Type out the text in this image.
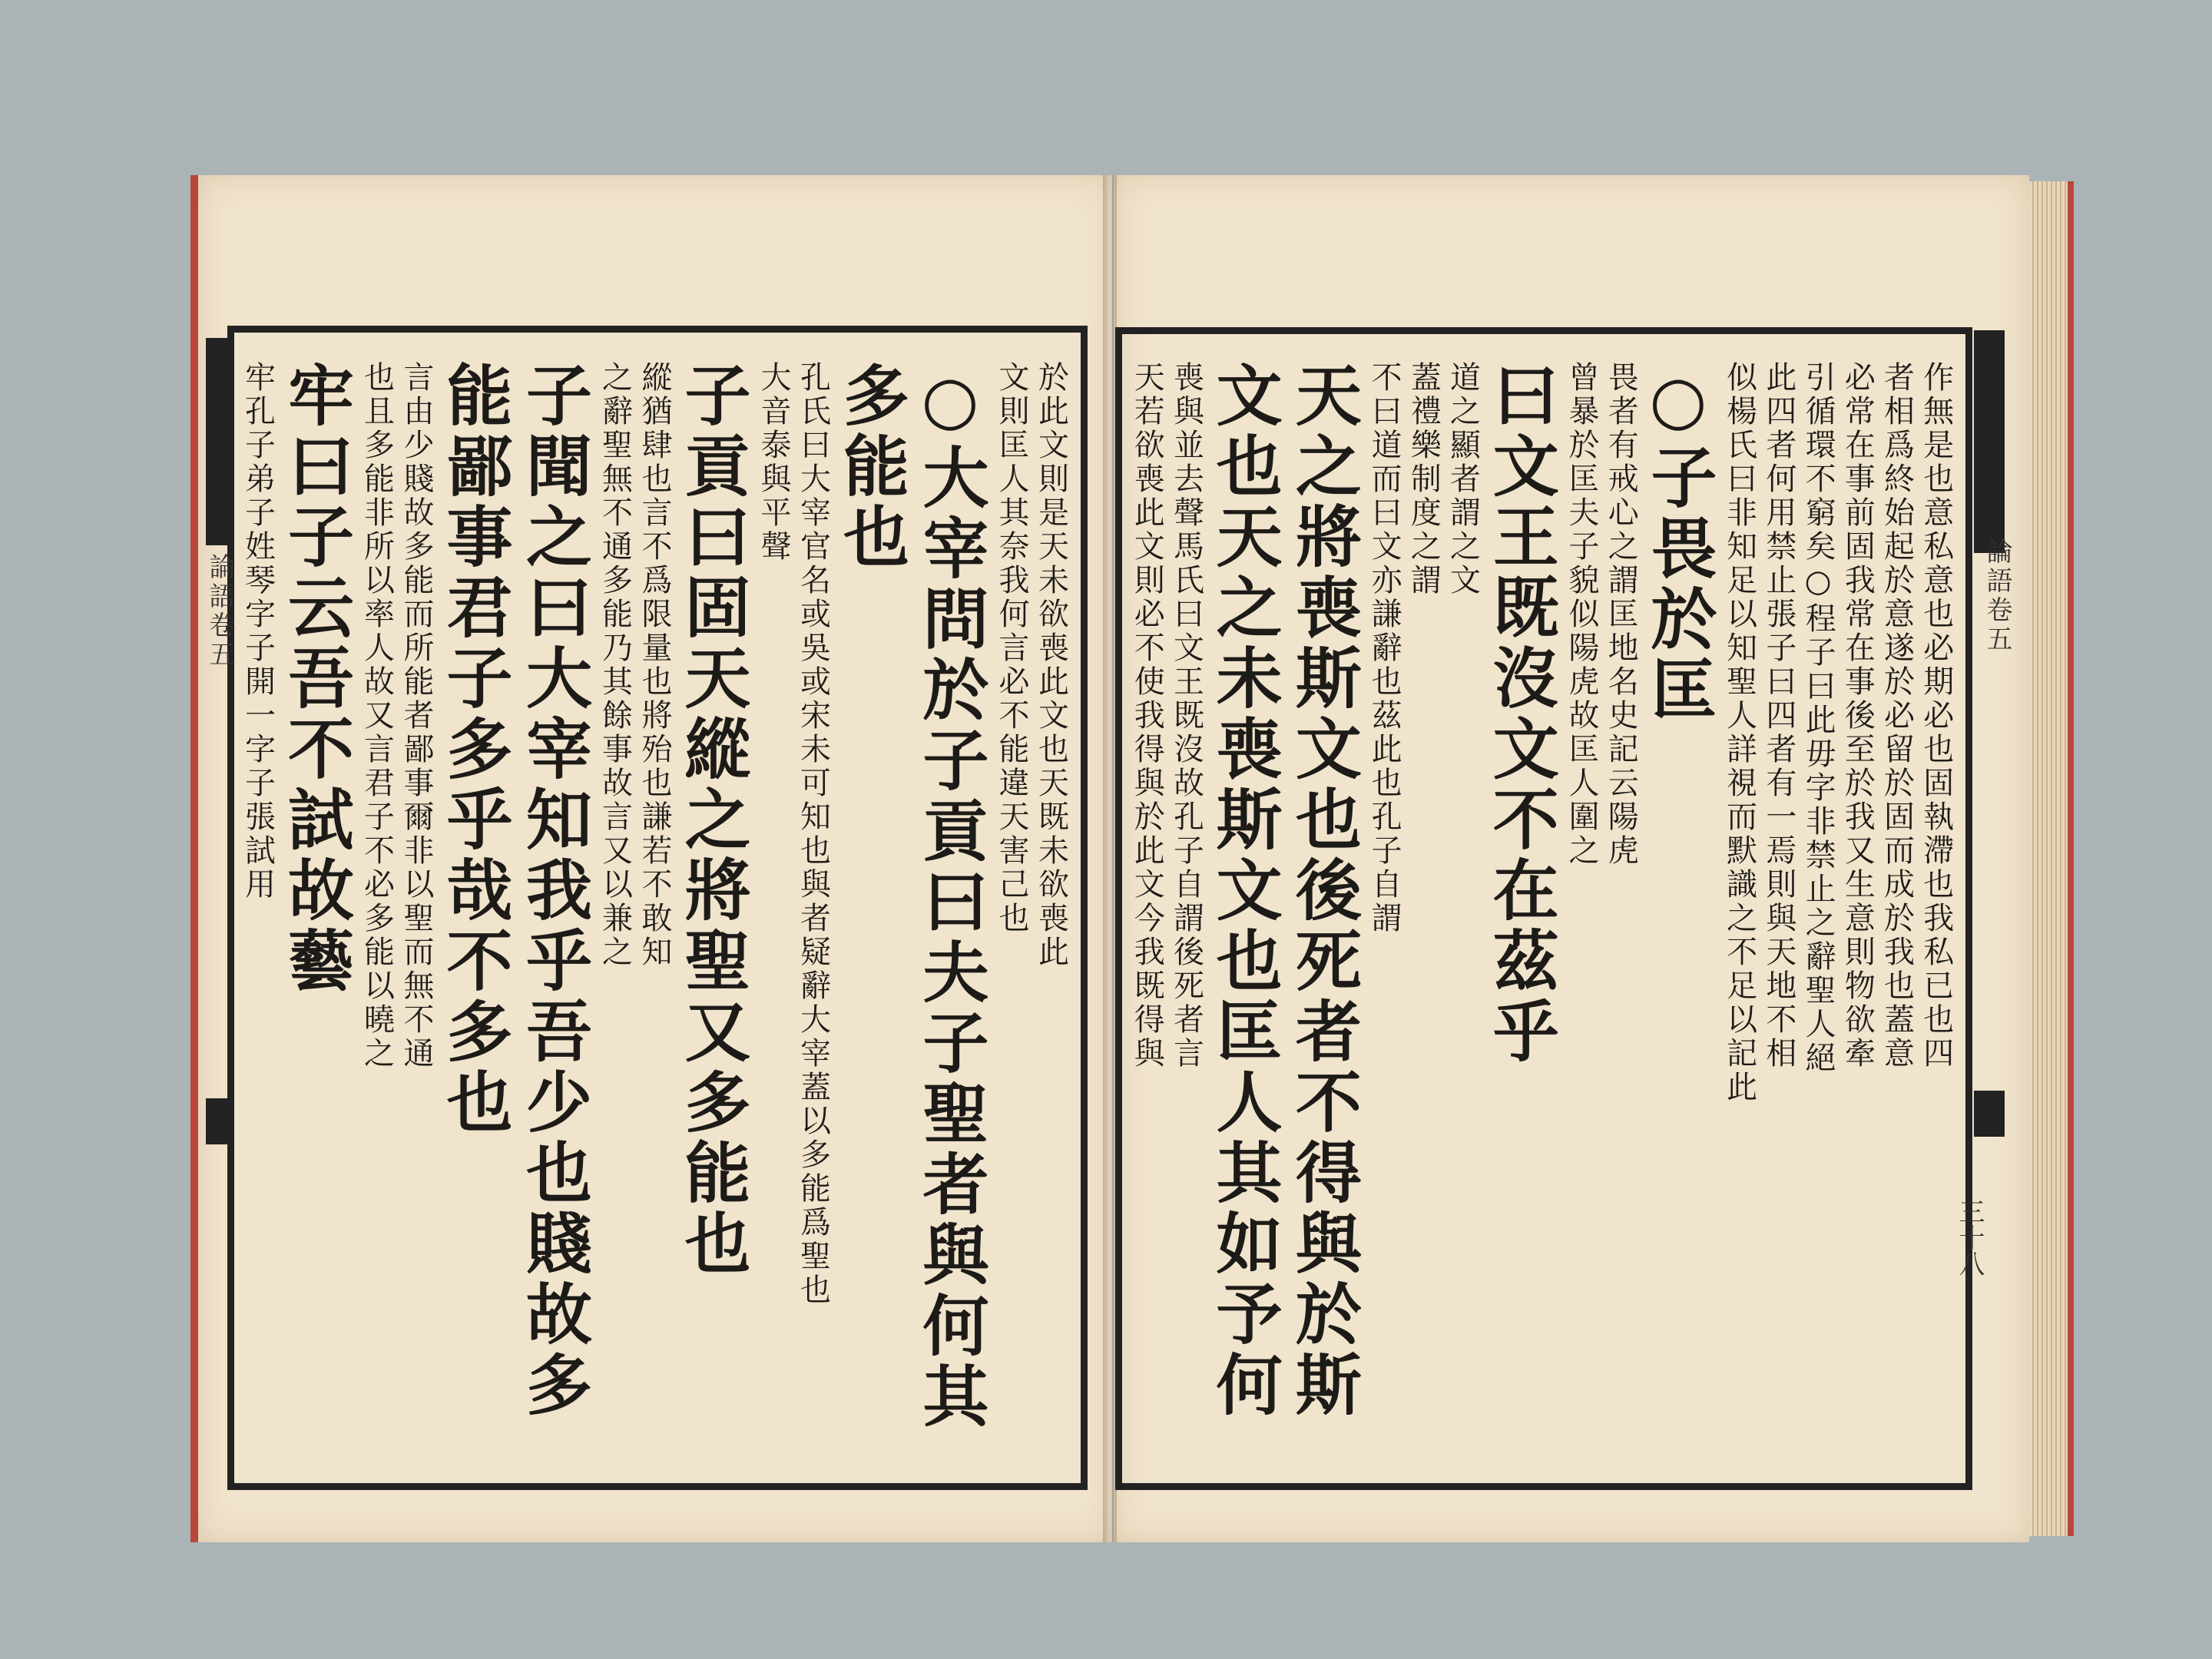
論語卷五	論語卷五
三十八
於此文則是天未欲喪此文也天既未欲喪此
文則匡人其奈我何言必不能違天害己也
○大宰問於子貢曰夫子聖者與何其
多能也
孔氏曰大宰官名或吳或宋未可知也與者疑辭大宰蓋以多能爲聖也
大音泰與平聲
子貢曰固天縱之將聖又多能也
縱猶肆也言不爲限量也將殆也謙若不敢知
之辭聖無不通多能乃其餘事故言又以兼之
子聞之曰大宰知我乎吾少也賤故多
能鄙事君子多乎哉不多也
言由少賤故多能而所能者鄙事爾非以聖而無不通
也且多能非所以率人故又言君子不必多能以曉之
牢曰子云吾不試故藝
牢孔子弟子姓琴字子開一字子張試用	作無是也意私意也必期必也固執滯也我私已也四
者相爲終始起於意遂於必留於固而成於我也蓋意
必常在事前固我常在事後至於我又生意則物欲牽
引循環不窮矣○程子曰此毋字非禁止之辭聖人絕
此四者何用禁止張子曰四者有一焉則與天地不相
似楊氏曰非知足以知聖人詳視而默識之不足以記此
○子畏於匡
畏者有戒心之謂匡地名史記云陽虎
曾暴於匡夫子貌似陽虎故匡人圍之
曰文王既沒文不在茲乎
道之顯者謂之文
蓋禮樂制度之謂
不曰道而曰文亦謙辭也茲此也孔子自謂
天之將喪斯文也後死者不得與於斯
文也天之未喪斯文也匡人其如予何
喪與並去聲馬氏曰文王既沒故孔子自謂後死者言
天若欲喪此文則必不使我得與於此文今我既得與
